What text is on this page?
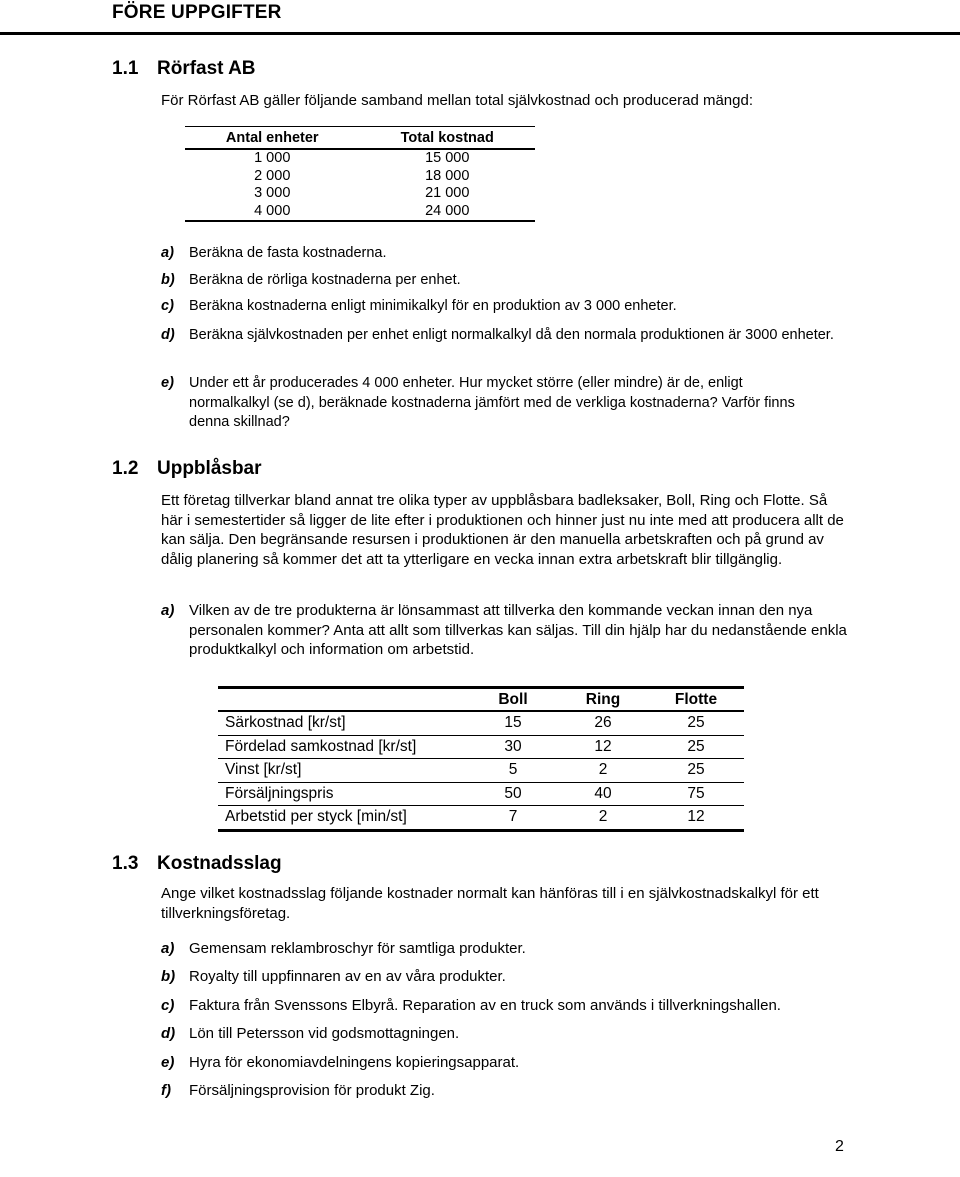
FÖRE UPPGIFTER
1.1 Rörfast AB
För Rörfast AB gäller följande samband mellan total självkostnad och producerad mängd:
Antal enheter	Total kostnad
1 000	15 000
2 000	18 000
3 000	21 000
4 000	24 000
a) Beräkna de fasta kostnaderna.
b) Beräkna de rörliga kostnaderna per enhet.
c) Beräkna kostnaderna enligt minimikalkyl för en produktion av 3 000 enheter.
d) Beräkna självkostnaden per enhet enligt normalkalkyl då den normala produktionen är 3000 enheter.
e) Under ett år producerades 4 000 enheter. Hur mycket större (eller mindre) är de, enligt normalkalkyl (se d), beräknade kostnaderna jämfört med de verkliga kostnaderna? Varför finns denna skillnad?
1.2 Uppblåsbar
Ett företag tillverkar bland annat tre olika typer av uppblåsbara badleksaker, Boll, Ring och Flotte. Så här i semestertider så ligger de lite efter i produktionen och hinner just nu inte med att producera allt de kan sälja. Den begränsande resursen i produktionen är den manuella arbetskraften och på grund av dålig planering så kommer det att ta ytterligare en vecka innan extra arbetskraft blir tillgänglig.
a) Vilken av de tre produkterna är lönsammast att tillverka den kommande veckan innan den nya personalen kommer? Anta att allt som tillverkas kan säljas. Till din hjälp har du nedanstående enkla produktkalkyl och information om arbetstid.
	Boll	Ring	Flotte
Särkostnad [kr/st]	15	26	25
Fördelad samkostnad [kr/st]	30	12	25
Vinst [kr/st]	5	2	25
Försäljningspris	50	40	75
Arbetstid per styck [min/st]	7	2	12
1.3 Kostnadsslag
Ange vilket kostnadsslag följande kostnader normalt kan hänföras till i en självkostnadskalkyl för ett tillverkningsföretag.
a) Gemensam reklambroschyr för samtliga produkter.
b) Royalty till uppfinnaren av en av våra produkter.
c) Faktura från Svenssons Elbyrå. Reparation av en truck som används i tillverkningshallen.
d) Lön till Petersson vid godsmottagningen.
e) Hyra för ekonomiavdelningens kopieringsapparat.
f) Försäljningsprovision för produkt Zig.
2
